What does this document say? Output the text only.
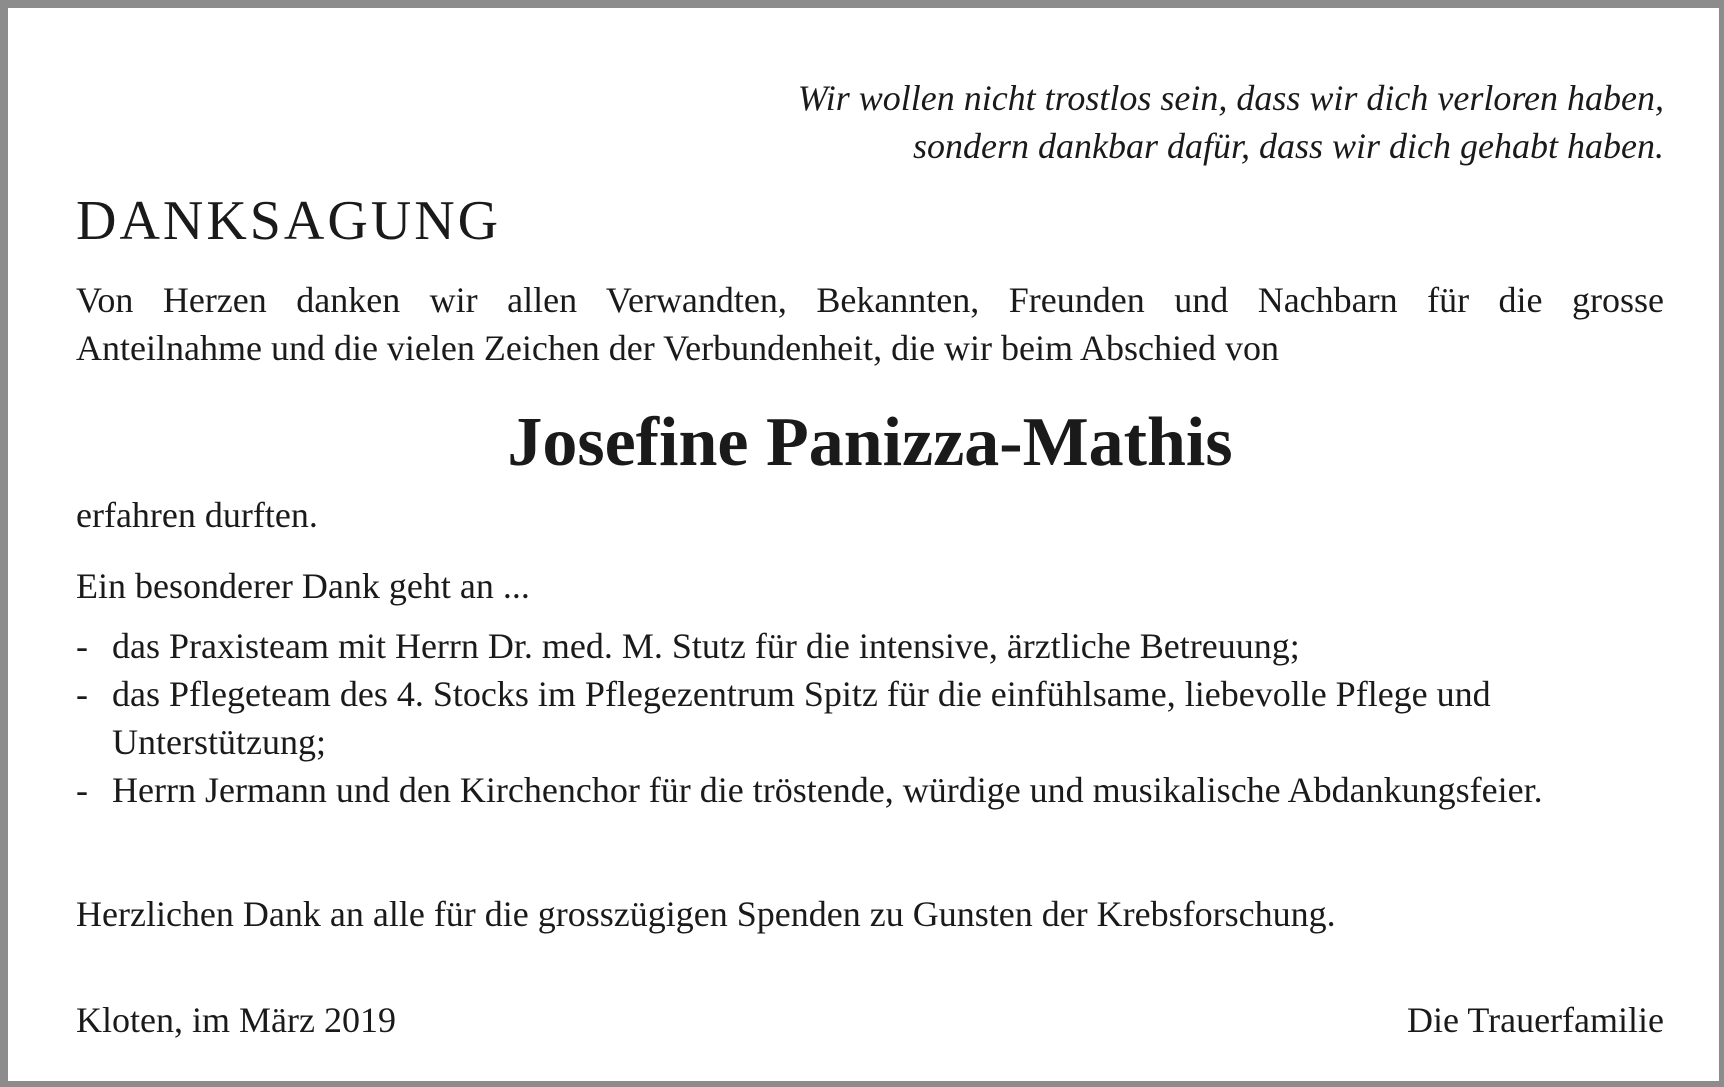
Wir wollen nicht trostlos sein, dass wir dich verloren haben,
sondern dankbar dafür, dass wir dich gehabt haben.
DANKSAGUNG
Von Herzen danken wir allen Verwandten, Bekannten, Freunden und Nachbarn für die grosse
Anteilnahme und die vielen Zeichen der Verbundenheit, die wir beim Abschied von
Josefine Panizza-Mathis
erfahren durften.
Ein besonderer Dank geht an ...
- das Praxisteam mit Herrn Dr. med. M. Stutz für die intensive, ärztliche Betreuung;
- das Pflegeteam des 4. Stocks im Pflegezentrum Spitz für die einfühlsame, liebevolle Pflege und Unterstützung;
- Herrn Jermann und den Kirchenchor für die tröstende, würdige und musikalische Abdankungsfeier.
Herzlichen Dank an alle für die grosszügigen Spenden zu Gunsten der Krebsforschung.
Kloten, im März 2019	Die Trauerfamilie
